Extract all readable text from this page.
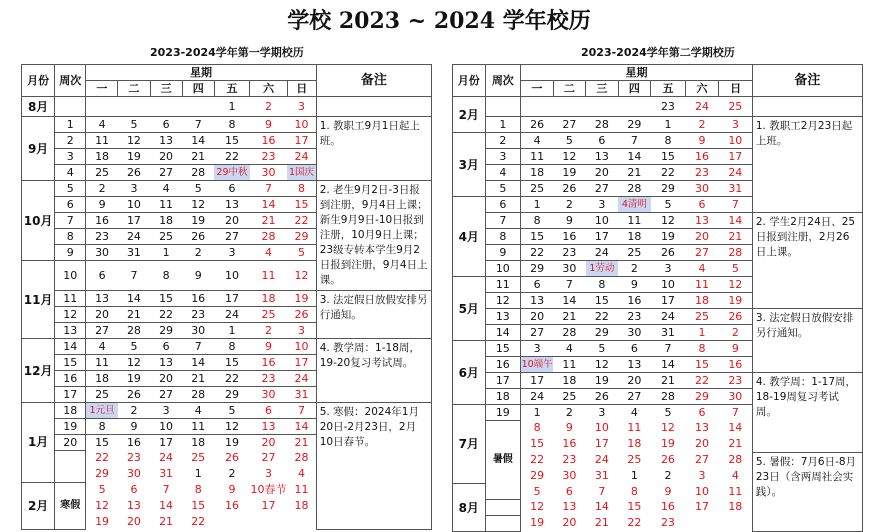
学校 2023 ~ 2024 学年校历
2023-2024学年第一学期校历	2023-2024学年第二学期校历
月份	周次	星期							备注
		一	二	三	四	五	六	日	
8月						1	2	3	
9月	1	4	5	6	7	8	9	10	1. 教职工9月1日起上班。
	2	11	12	13	14	15	16	17	
	3	18	19	20	21	22	23	24	
	4	25	26	27	28	29中秋	30	1国庆	
10月	5	2	3	4	5	6	7	8	2. 老生9月2日-3日报到注册，9月4日上课；新生9月9日-10日报到注册，10月9日上课；23级专转本学生9月2日报到注册，9月4日上课。
	6	9	10	11	12	13	14	15	
	7	16	17	18	19	20	21	22	
	8	23	24	25	26	27	28	29	
	9	30	31	1	2	3	4	5	
11月	10	6	7	8	9	10	11	12	
	11	13	14	15	16	17	18	19	3. 法定假日放假安排另行通知。
	12	20	21	22	23	24	25	26	
	13	27	28	29	30	1	2	3	
12月	14	4	5	6	7	8	9	10	4. 教学周：1-18周，19-20复习考试周。
	15	11	12	13	14	15	16	17	
	16	18	19	20	21	22	23	24	
	17	25	26	27	28	29	30	31	
1月	18	1元旦	2	3	4	5	6	7	5. 寒假：2024年1月20日-2月23日，2月10日春节。
	19	8	9	10	11	12	13	14	
	20	15	16	17	18	19	20	21	
		22	23	24	25	26	27	28	
		29	30	31	1	2	3	4	
2月	寒假	5	6	7	8	9	10春节	11	
		12	13	14	15	16	17	18	
		19	20	21	22				
月份	周次	星期							备注
		一	二	三	四	五	六	日	
2月						23	24	25	
	1	26	27	28	29	1	2	3	1. 教职工2月23日起上班。
3月	2	4	5	6	7	8	9	10	
	3	11	12	13	14	15	16	17	
	4	18	19	20	21	22	23	24	
	5	25	26	27	28	29	30	31	
4月	6	1	2	3	4清明	5	6	7	
	7	8	9	10	11	12	13	14	2. 学生2月24日、25日报到注册，2月26日上课。
	8	15	16	17	18	19	20	21	
	9	22	23	24	25	26	27	28	
	10	29	30	1劳动	2	3	4	5	
5月	11	6	7	8	9	10	11	12	
	12	13	14	15	16	17	18	19	
	13	20	21	22	23	24	25	26	3. 法定假日放假安排另行通知。
	14	27	28	29	30	31	1	2	
6月	15	3	4	5	6	7	8	9	
	16	10端午	11	12	13	14	15	16	
	17	17	18	19	20	21	22	23	4. 教学周：1-17周，18-19周复习考试周。
	18	24	25	26	27	28	29	30	
7月	19	1	2	3	4	5	6	7	
	暑假	8	9	10	11	12	13	14	
		15	16	17	18	19	20	21	
		22	23	24	25	26	27	28	5. 暑假：7月6日-8月23日（含两周社会实践）。
		29	30	31	1	2	3	4	
8月		5	6	7	8	9	10	11	
		12	13	14	15	16	17	18	
		19	20	21	22	23			
